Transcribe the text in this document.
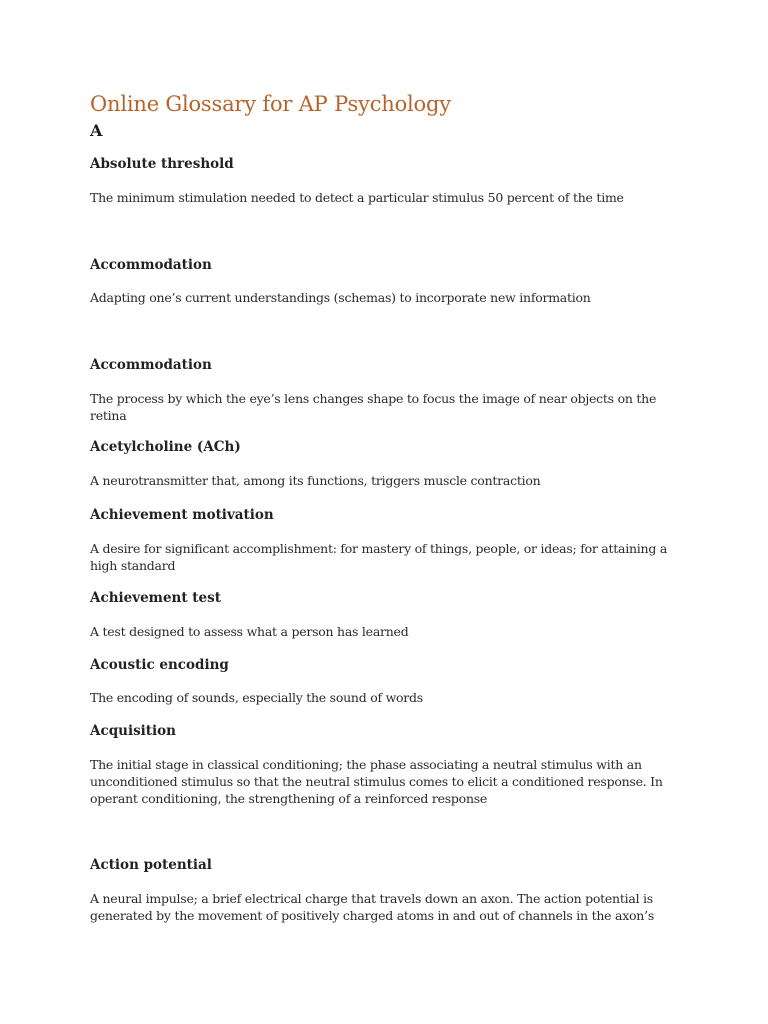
Online Glossary for AP Psychology
A
Absolute threshold
The minimum stimulation needed to detect a particular stimulus 50 percent of the time
Accommodation
Adapting one’s current understandings (schemas) to incorporate new information
Accommodation
The process by which the eye’s lens changes shape to focus the image of near objects on the retina
Acetylcholine (ACh)
A neurotransmitter that, among its functions, triggers muscle contraction
Achievement motivation
A desire for significant accomplishment: for mastery of things, people, or ideas; for attaining a high standard
Achievement test
A test designed to assess what a person has learned
Acoustic encoding
The encoding of sounds, especially the sound of words
Acquisition
The initial stage in classical conditioning; the phase associating a neutral stimulus with an unconditioned stimulus so that the neutral stimulus comes to elicit a conditioned response. In operant conditioning, the strengthening of a reinforced response
Action potential
A neural impulse; a brief electrical charge that travels down an axon. The action potential is generated by the movement of positively charged atoms in and out of channels in the axon’s
